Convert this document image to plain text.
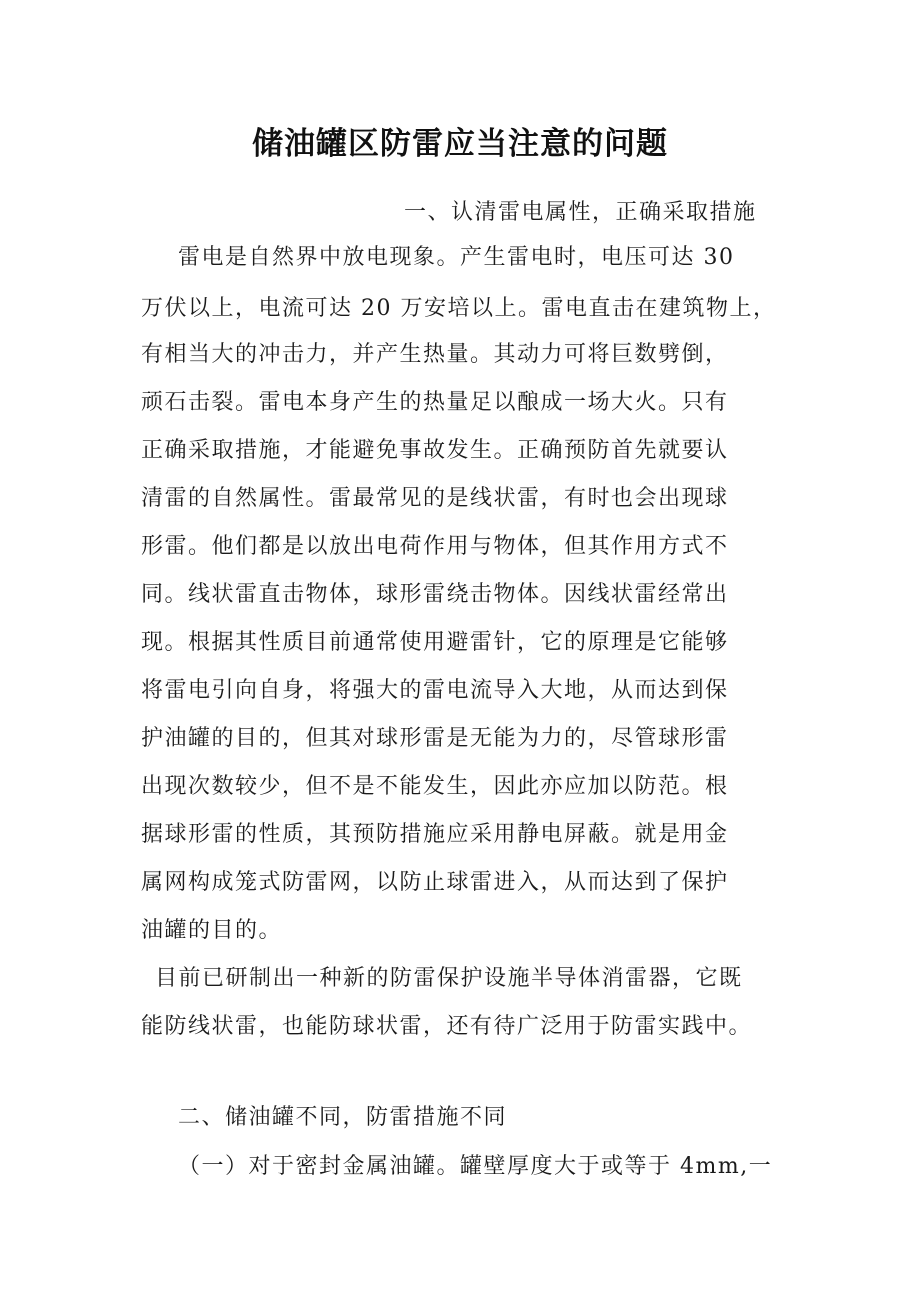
储油罐区防雷应当注意的问题
一、认清雷电属性，正确采取措施
雷电是自然界中放电现象。产生雷电时，电压可达 30
万伏以上，电流可达 20 万安培以上。雷电直击在建筑物上，
有相当大的冲击力，并产生热量。其动力可将巨数劈倒，
顽石击裂。雷电本身产生的热量足以酿成一场大火。只有
正确采取措施，才能避免事故发生。正确预防首先就要认
清雷的自然属性。雷最常见的是线状雷，有时也会出现球
形雷。他们都是以放出电荷作用与物体，但其作用方式不
同。线状雷直击物体，球形雷绕击物体。因线状雷经常出
现。根据其性质目前通常使用避雷针，它的原理是它能够
将雷电引向自身，将强大的雷电流导入大地，从而达到保
护油罐的目的，但其对球形雷是无能为力的，尽管球形雷
出现次数较少，但不是不能发生，因此亦应加以防范。根
据球形雷的性质，其预防措施应采用静电屏蔽。就是用金
属网构成笼式防雷网，以防止球雷进入，从而达到了保护
油罐的目的。
目前已研制出一种新的防雷保护设施半导体消雷器，它既
能防线状雷，也能防球状雷，还有待广泛用于防雷实践中。
二、储油罐不同，防雷措施不同
（一）对于密封金属油罐。罐壁厚度大于或等于 4mm,一
